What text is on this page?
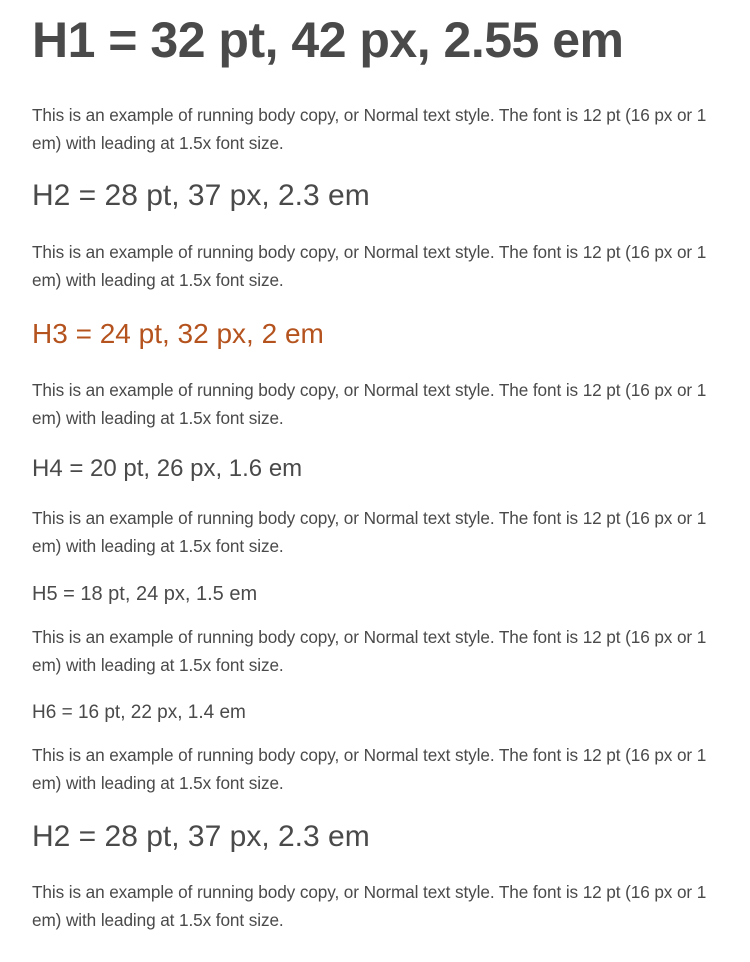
H1 = 32 pt, 42 px, 2.55 em
This is an example of running body copy, or Normal text style. The font is 12 pt (16 px or 1 em) with leading at 1.5x font size.
H2 = 28 pt, 37 px, 2.3 em
This is an example of running body copy, or Normal text style. The font is 12 pt (16 px or 1 em) with leading at 1.5x font size.
H3 = 24 pt, 32 px, 2 em
This is an example of running body copy, or Normal text style. The font is 12 pt (16 px or 1 em) with leading at 1.5x font size.
H4 = 20 pt, 26 px, 1.6 em
This is an example of running body copy, or Normal text style. The font is 12 pt (16 px or 1 em) with leading at 1.5x font size.
H5 = 18 pt, 24 px, 1.5 em
This is an example of running body copy, or Normal text style. The font is 12 pt (16 px or 1 em) with leading at 1.5x font size.
H6 = 16 pt, 22 px, 1.4 em
This is an example of running body copy, or Normal text style. The font is 12 pt (16 px or 1 em) with leading at 1.5x font size.
H2 = 28 pt, 37 px, 2.3 em
This is an example of running body copy, or Normal text style. The font is 12 pt (16 px or 1 em) with leading at 1.5x font size.
